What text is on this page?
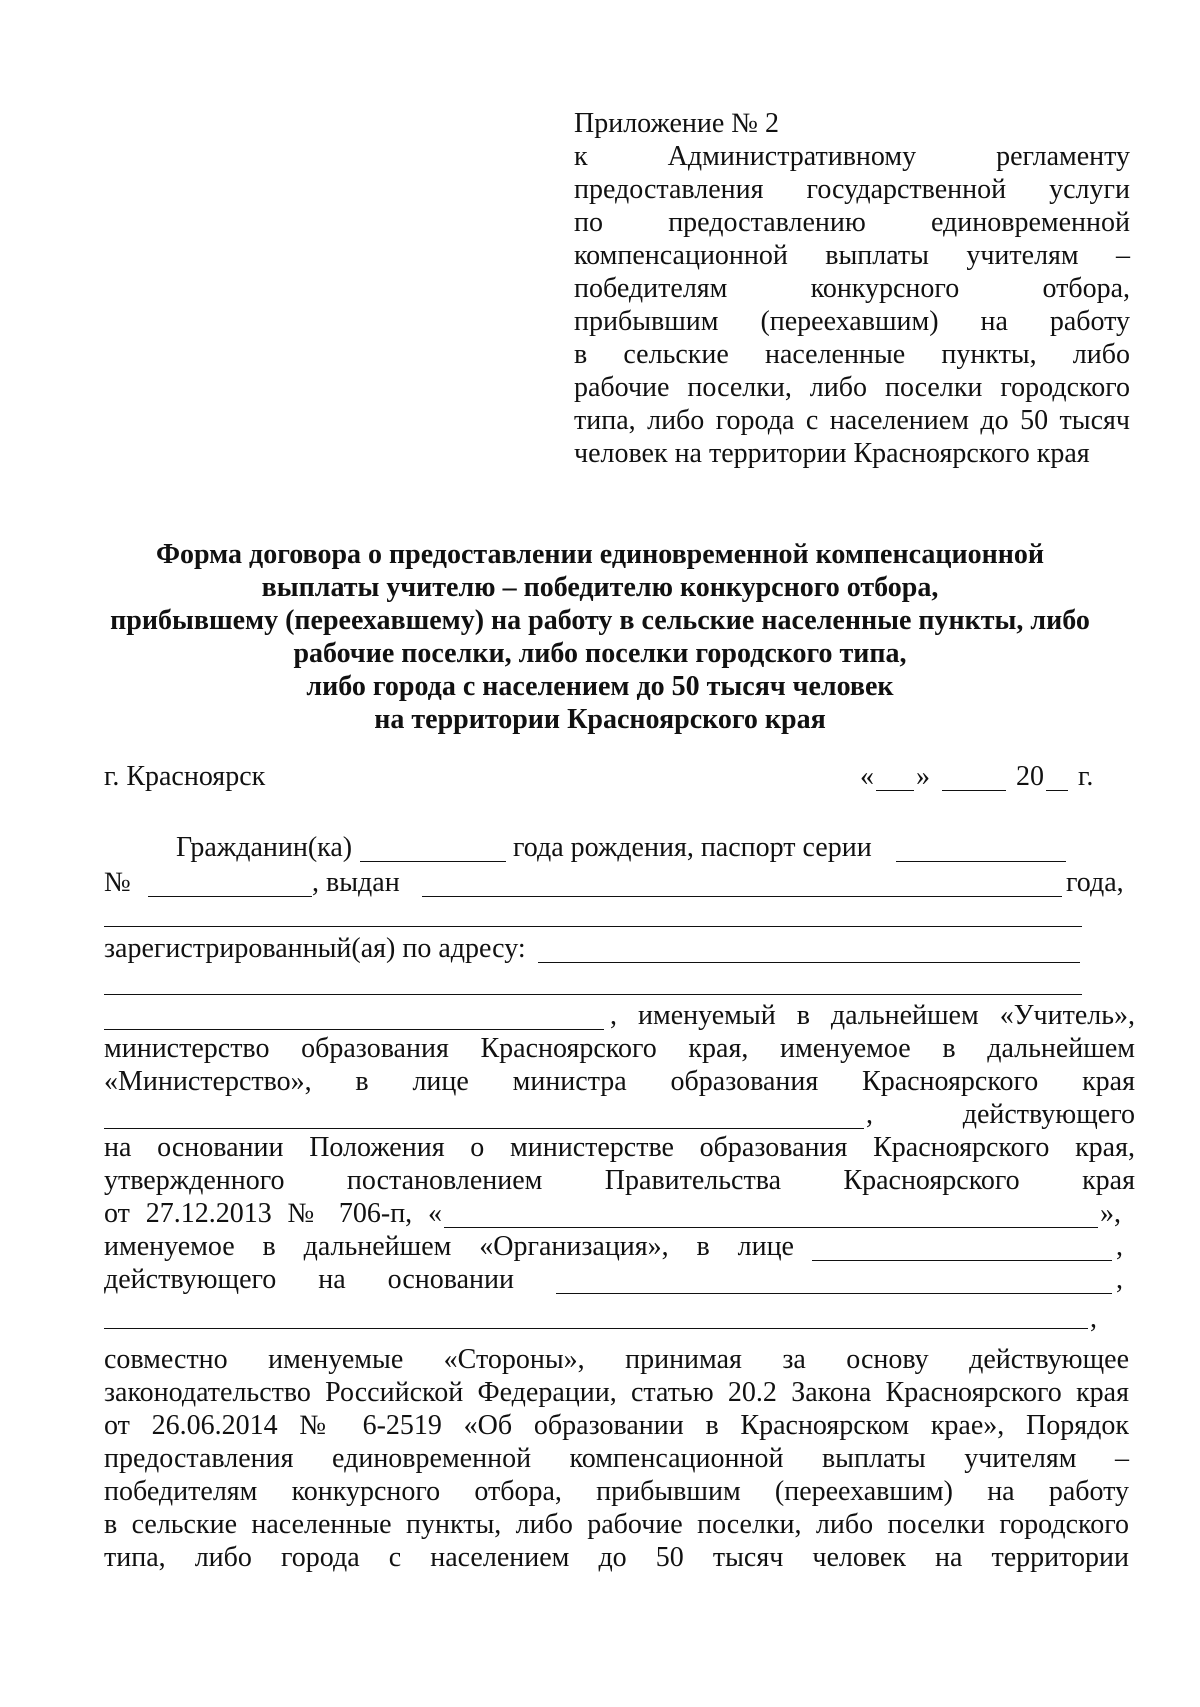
Приложение № 2
к Административному регламенту
предоставления государственной услуги
по предоставлению единовременной
компенсационной выплаты учителям –
победителям конкурсного отбора,
прибывшим (переехавшим) на работу
в сельские населенные пункты, либо
рабочие поселки, либо поселки городского
типа, либо города с населением до 50 тысяч
человек на территории Красноярского края
Форма договора о предоставлении единовременной компенсационной
выплаты учителю – победителю конкурсного отбора,
прибывшему (переехавшему) на работу в сельские населенные пункты, либо
рабочие поселки, либо поселки городского типа,
либо города с населением до 50 тысяч человек
на территории Красноярского края
г. Красноярск	« »	20 г.
Гражданин(ка)	года рождения, паспорт серии
№	, выдан	года,
зарегистрированный(ая) по адресу:
, именуемый в дальнейшем «Учитель»,
министерство образования Красноярского края, именуемое в дальнейшем
«Министерство», в лице министра образования Красноярского края
, действующего
на основании Положения о министерстве образования Красноярского края,
утвержденного постановлением Правительства Красноярского края
от 27.12.2013 № 706-п, «	»,
именуемое в дальнейшем «Организация», в лице	,
действующего на основании	,
,
совместно именуемые «Стороны», принимая за основу действующее
законодательство Российской Федерации, статью 20.2 Закона Красноярского края
от 26.06.2014 № 6-2519 «Об образовании в Красноярском крае», Порядок
предоставления единовременной компенсационной выплаты учителям –
победителям конкурсного отбора, прибывшим (переехавшим) на работу
в сельские населенные пункты, либо рабочие поселки, либо поселки городского
типа, либо города с населением до 50 тысяч человек на территории
